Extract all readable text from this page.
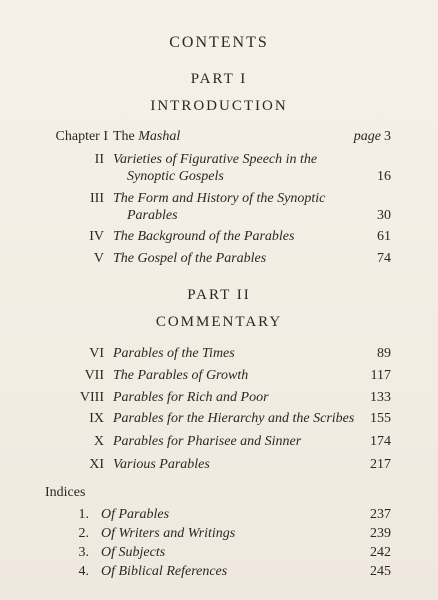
CONTENTS
PART I
INTRODUCTION
Chapter I The Mashal	page 3
II Varieties of Figurative Speech in the
Synoptic Gospels	16
III The Form and History of the Synoptic
Parables	30
IV The Background of the Parables	61
V The Gospel of the Parables	74
PART II
COMMENTARY
VI Parables of the Times	89
VII The Parables of Growth	117
VIII Parables for Rich and Poor	133
IX Parables for the Hierarchy and the Scribes 155
X Parables for Pharisee and Sinner	174
XI Various Parables	217
Indices
1. Of Parables	237
2. Of Writers and Writings	239
3. Of Subjects	242
4. Of Biblical References	245
